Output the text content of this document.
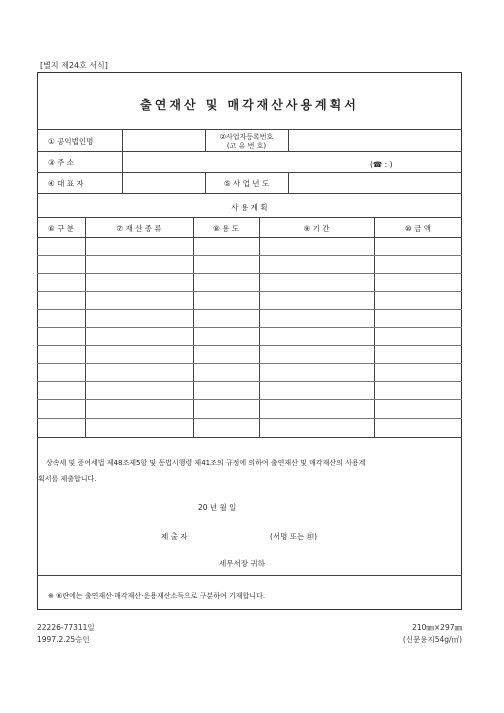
[별지 제24호 서식]
출연재산 및 매각재산사용계획서
① 공익법인명	②사업자등록번호
(고 유 번 호)
③ 주 소	(☎ : )
④ 대 표 자	⑤ 사 업 년 도
사 용 계 획
⑥ 구 분	⑦ 재 산 종 류	⑧ 용 도	⑨ 기 간	⑩ 금 액
상속세 및 증여세법 제48조제5항 및 동법시행령 제41조의 규정에 의하여 출연재산 및 매각재산의 사용계
획서를 제출합니다.
20 년 월 일
제 출 자	(서명 또는 ㊞)
세무서장 귀하
※ ⑥란에는 출연재산·매각재산·운용재산소득으로 구분하여 기재합니다.
22226-77311일
1997.2.25승인
210㎜×297㎜
(신문용지54g/㎡)
